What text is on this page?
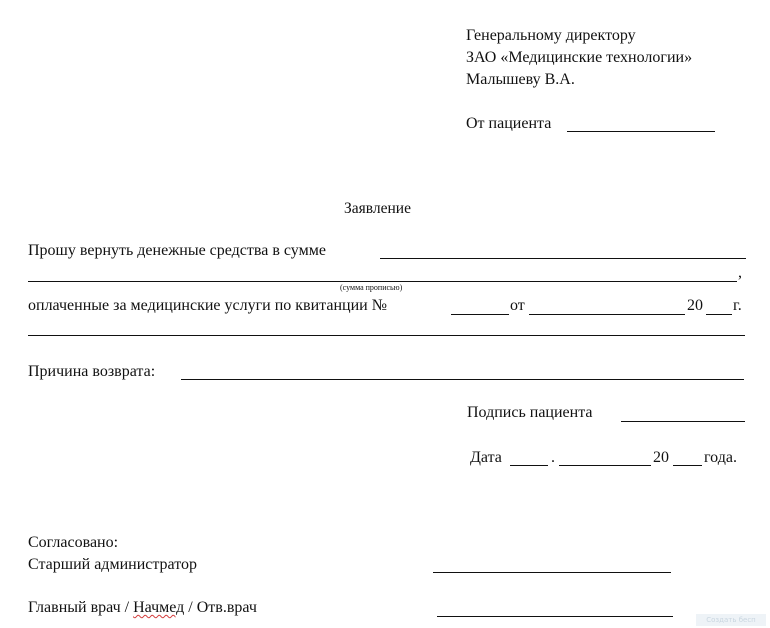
Генеральному директору
ЗАО «Медицинские технологии»
Малышеву В.А.
От пациента
Заявление
Прошу вернуть денежные средства в сумме
,
(сумма прописью)
оплаченные за медицинские услуги по квитанции №	от	20 г.
Причина возврата:
Подпись пациента
Дата	.	20 года.
Согласовано:
Старший администратор
Главный врач / Начмед / Отв.врач
Создать бесп
